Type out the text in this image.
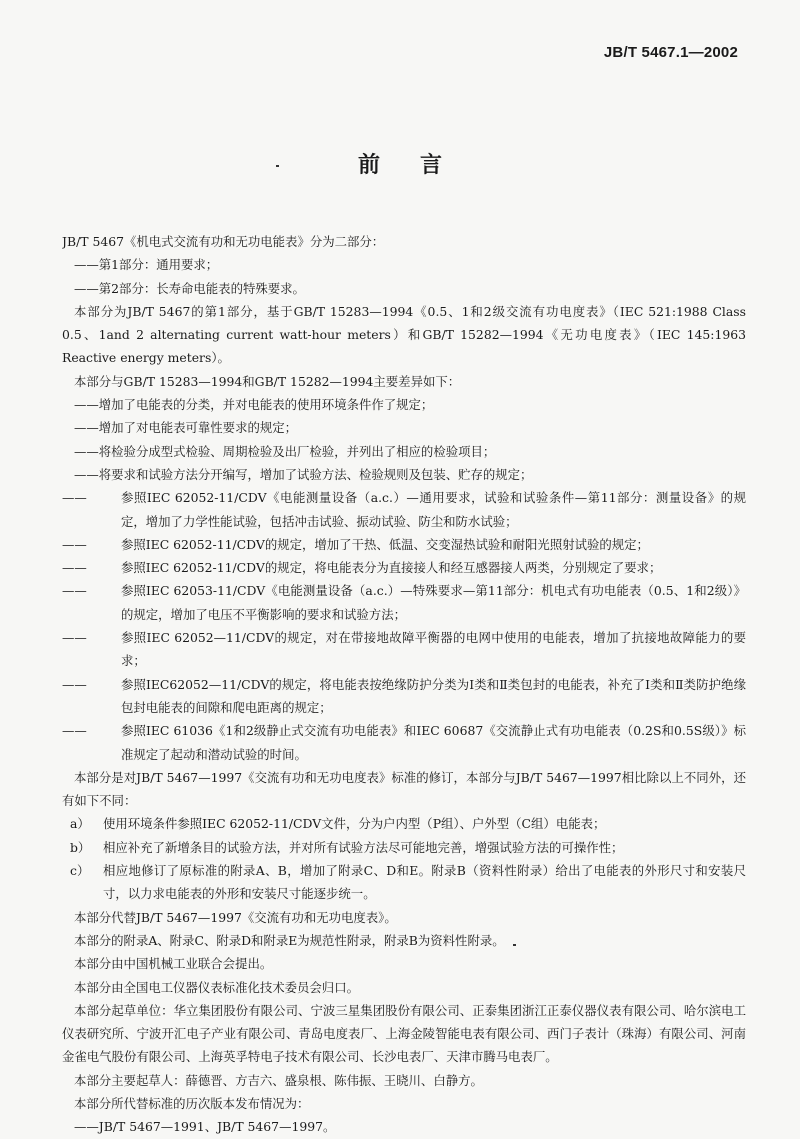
JB/T 5467.1—2002
前 言

JB/T 5467《机电式交流有功和无功电能表》分为二部分：

——第1部分：通用要求；

——第2部分：长寿命电能表的特殊要求。

本部分为JB/T 5467的第1部分，基于GB/T 15283—1994《0.5、1和2级交流有功电度表》（IEC 521:1988 Class 0.5、1and 2 alternating current watt-hour meters）和GB/T 15282—1994《无功电度表》（IEC 145:1963 Reactive energy meters）。

本部分与GB/T 15283—1994和GB/T 15282—1994主要差异如下：

——增加了电能表的分类，并对电能表的使用环境条件作了规定；

——增加了对电能表可靠性要求的规定；

——将检验分成型式检验、周期检验及出厂检验，并列出了相应的检验项目；

——将要求和试验方法分开编写，增加了试验方法、检验规则及包装、贮存的规定；

——	参照IEC 62052-11/CDV《电能测量设备（a.c.）—通用要求，试验和试验条件—第11部分：测量设备》的规定，增加了力学性能试验，包括冲击试验、振动试验、防尘和防水试验；
——	参照IEC 62052-11/CDV的规定，增加了干热、低温、交变湿热试验和耐阳光照射试验的规定；
——	参照IEC 62052-11/CDV的规定，将电能表分为直接接人和经互感器接人两类，分别规定了要求；
——	参照IEC 62053-11/CDV《电能测量设备（a.c.）—特殊要求—第11部分：机电式有功电能表（0.5、1和2级）》的规定，增加了电压不平衡影响的要求和试验方法；
——	参照IEC 62052—11/CDV的规定，对在带接地故障平衡器的电网中使用的电能表，增加了抗接地故障能力的要求；
——	参照IEC62052—11/CDV的规定，将电能表按绝缘防护分类为Ⅰ类和Ⅱ类包封的电能表，补充了Ⅰ类和Ⅱ类防护绝缘包封电能表的间隙和爬电距离的规定；
——	参照IEC 61036《1和2级静止式交流有功电能表》和IEC 60687《交流静止式有功电能表（0.2S和0.5S级）》标准规定了起动和潜动试验的时间。

本部分是对JB/T 5467—1997《交流有功和无功电度表》标准的修订，本部分与JB/T 5467—1997相比除以上不同外，还有如下不同：

a）	使用环境条件参照IEC 62052-11/CDV文件，分为户内型（P组）、户外型（C组）电能表；
b）	相应补充了新增条目的试验方法，并对所有试验方法尽可能地完善，增强试验方法的可操作性；
c）	相应地修订了原标准的附录A、B，增加了附录C、D和E。附录B（资料性附录）给出了电能表的外形尺寸和安装尺寸，以力求电能表的外形和安装尺寸能逐步统一。

本部分代替JB/T 5467—1997《交流有功和无功电度表》。

本部分的附录A、附录C、附录D和附录E为规范性附录，附录B为资料性附录。

本部分由中国机械工业联合会提出。

本部分由全国电工仪器仪表标准化技术委员会归口。

本部分起草单位：华立集团股份有限公司、宁波三星集团股份有限公司、正泰集团浙江正泰仪器仪表有限公司、哈尔滨电工仪表研究所、宁波开汇电子产业有限公司、青岛电度表厂、上海金陵智能电表有限公司、西门子表计（珠海）有限公司、河南金雀电气股份有限公司、上海英孚特电子技术有限公司、长沙电表厂、天津市腾马电表厂。

本部分主要起草人：薛德晋、方吉六、盛泉根、陈伟振、王晓川、白静方。

本部分所代替标准的历次版本发布情况为：

——JB/T 5467—1991、JB/T 5467—1997。
